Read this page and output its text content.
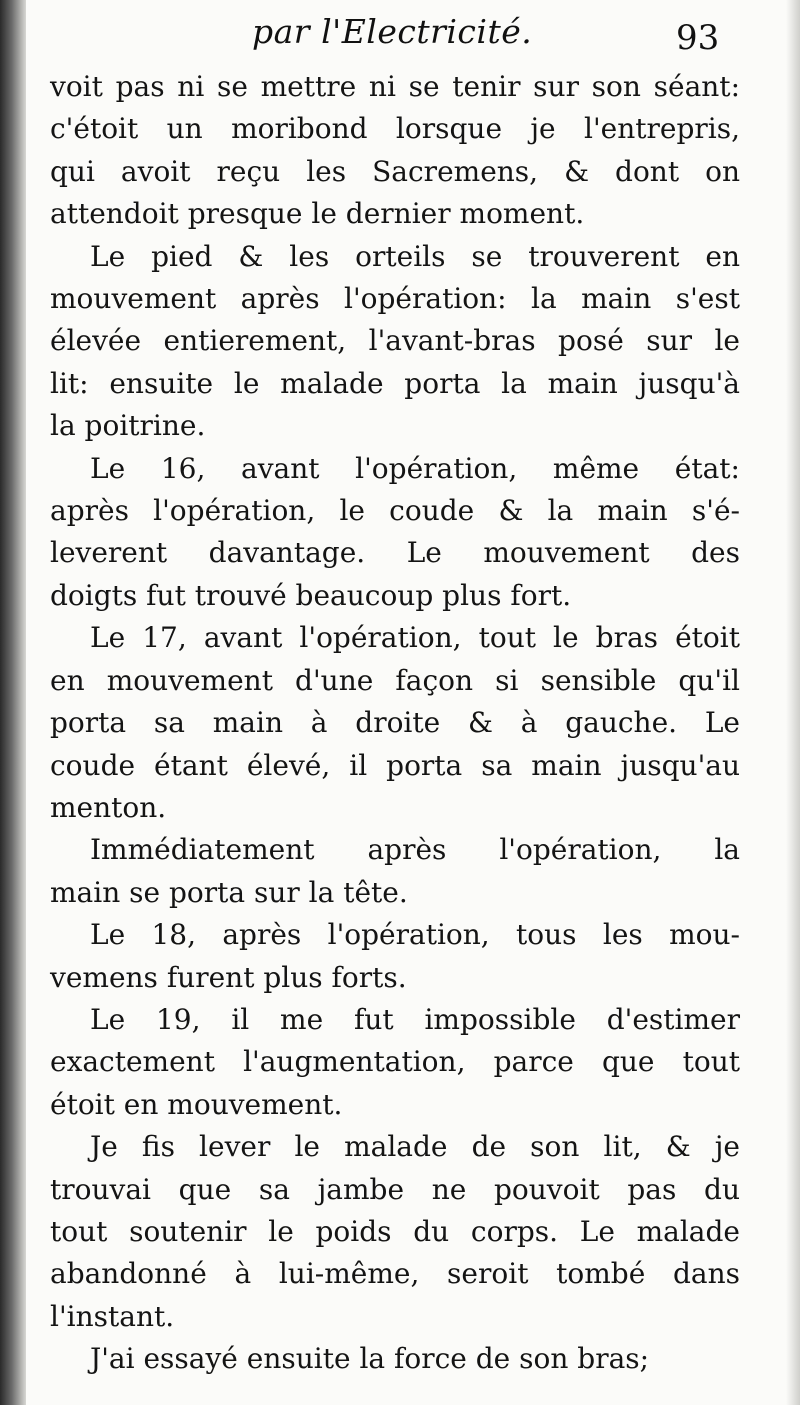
par l'Electricité.	93
voit pas ni se mettre ni se tenir sur son séant:
c'étoit un moribond lorsque je l'entrepris,
qui avoit reçu les Sacremens, & dont on
attendoit presque le dernier moment.
Le pied & les orteils se trouverent en
mouvement après l'opération: la main s'est
élevée entierement, l'avant-bras posé sur le
lit: ensuite le malade porta la main jusqu'à
la poitrine.
Le 16, avant l'opération, même état:
après l'opération, le coude & la main s'é-
leverent davantage. Le mouvement des
doigts fut trouvé beaucoup plus fort.
Le 17, avant l'opération, tout le bras étoit
en mouvement d'une façon si sensible qu'il
porta sa main à droite & à gauche. Le
coude étant élevé, il porta sa main jusqu'au
menton.
Immédiatement après l'opération, la
main se porta sur la tête.
Le 18, après l'opération, tous les mou-
vemens furent plus forts.
Le 19, il me fut impossible d'estimer
exactement l'augmentation, parce que tout
étoit en mouvement.
Je fis lever le malade de son lit, & je
trouvai que sa jambe ne pouvoit pas du
tout soutenir le poids du corps. Le malade
abandonné à lui-même, seroit tombé dans
l'instant.
J'ai essayé ensuite la force de son bras;
